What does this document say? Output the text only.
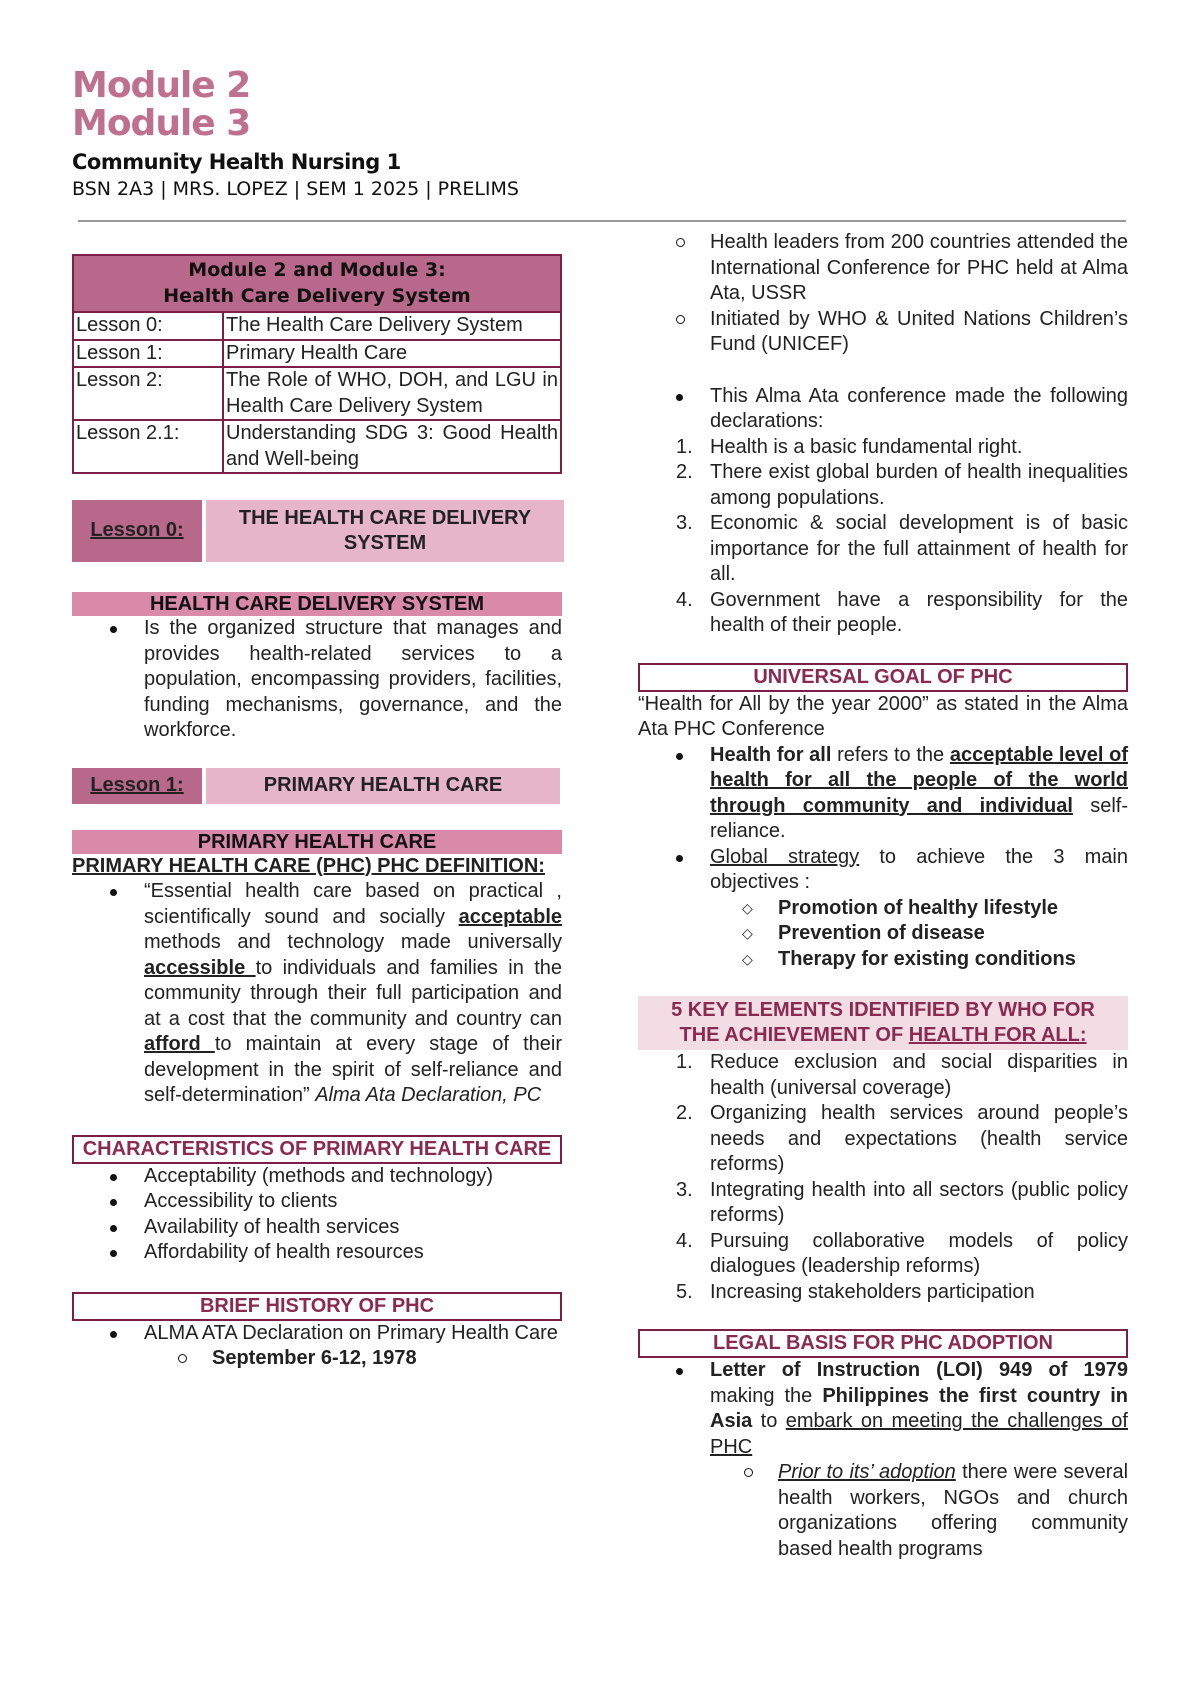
Module 2
Module 3
Community Health Nursing 1
BSN 2A3 | MRS. LOPEZ | SEM 1 2025 | PRELIMS
Module 2 and Module 3:
Health Care Delivery System	

Lesson 0:	The Health Care Delivery System
Lesson 1:	Primary Health Care
Lesson 2:	The Role of WHO, DOH, and LGU in Health Care Delivery System
Lesson 2.1:	Understanding SDG 3: Good Health and Well-being
Lesson 0:
THE HEALTH CARE DELIVERY SYSTEM
HEALTH CARE DELIVERY SYSTEM
Is the organized structure that manages and provides health-related services to a population, encompassing providers, facilities, funding mechanisms, governance, and the workforce.
Lesson 1:	PRIMARY HEALTH CARE
PRIMARY HEALTH CARE
PRIMARY HEALTH CARE (PHC) PHC DEFINITION:
“Essential health care based on practical , scientifically sound and socially acceptable methods and technology made universally accessible to individuals and families in the community through their full participation and at a cost that the community and country can afford to maintain at every stage of their development in the spirit of self-reliance and self-determination” Alma Ata Declaration, PC
CHARACTERISTICS OF PRIMARY HEALTH CARE
Acceptability (methods and technology)
Accessibility to clients
Availability of health services
Affordability of health resources
BRIEF HISTORY OF PHC
ALMA ATA Declaration on Primary Health Care
September 6-12, 1978
Health leaders from 200 countries attended the International Conference for PHC held at Alma Ata, USSR
Initiated by WHO & United Nations Children’s Fund (UNICEF)
This Alma Ata conference made the following declarations:
1. Health is a basic fundamental right.
2. There exist global burden of health inequalities among populations.
3. Economic & social development is of basic importance for the full attainment of health for all.
4. Government have a responsibility for the health of their people.
UNIVERSAL GOAL OF PHC
“Health for All by the year 2000” as stated in the Alma Ata PHC Conference
Health for all refers to the acceptable level of health for all the people of the world through community and individual self-reliance.
Global strategy to achieve the 3 main objectives :
◇ Promotion of healthy lifestyle
◇ Prevention of disease
◇ Therapy for existing conditions
5 KEY ELEMENTS IDENTIFIED BY WHO FOR
THE ACHIEVEMENT OF HEALTH FOR ALL:
1. Reduce exclusion and social disparities in health (universal coverage)
2. Organizing health services around people’s needs and expectations (health service reforms)
3. Integrating health into all sectors (public policy reforms)
4. Pursuing collaborative models of policy dialogues (leadership reforms)
5. Increasing stakeholders participation
LEGAL BASIS FOR PHC ADOPTION
Letter of Instruction (LOI) 949 of 1979 making the Philippines the first country in Asia to embark on meeting the challenges of PHC
Prior to its’ adoption there were several health workers, NGOs and church organizations offering community based health programs
